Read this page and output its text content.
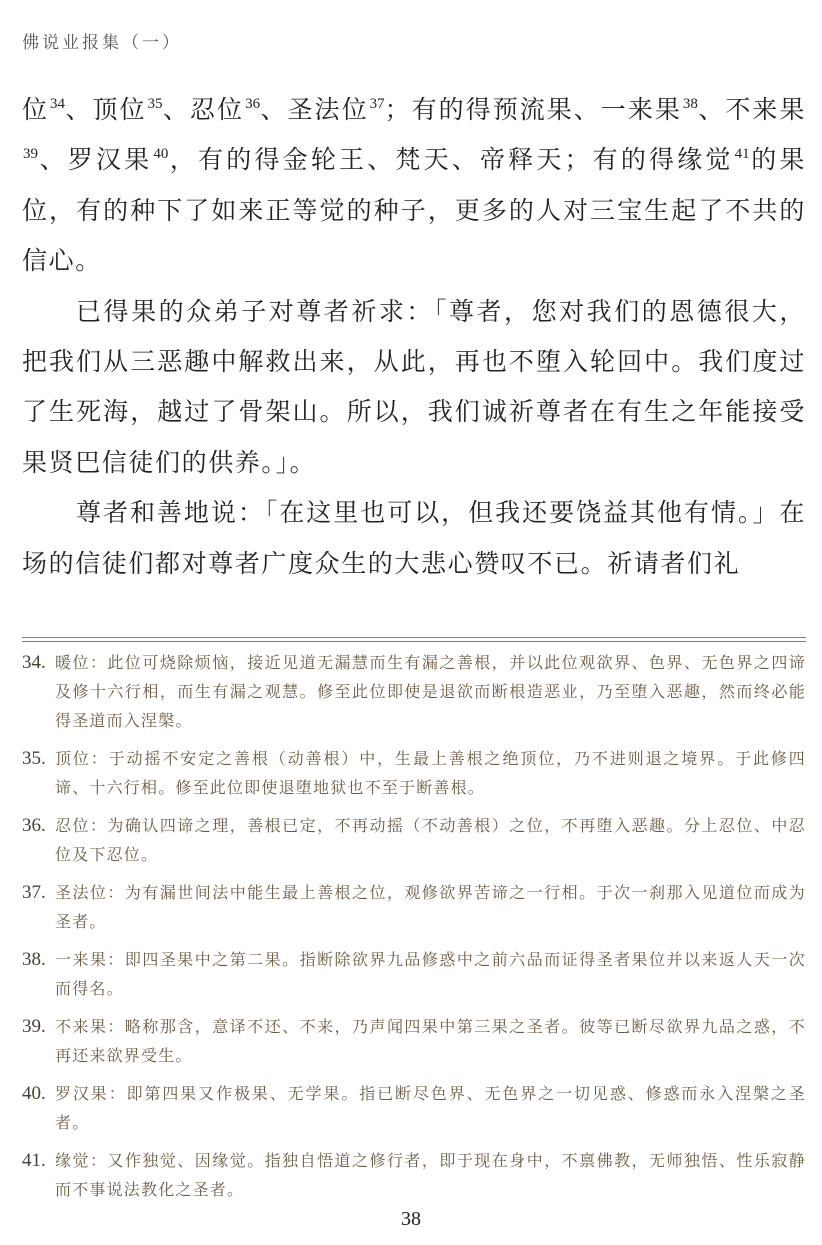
佛说业报集（一）

位$^{34}$、顶位$^{35}$、忍位$^{36}$、圣法位$^{37}$；有的得预流果、一来果$^{38}$、不来果$^{39}$、罗汉果$^{40}$，有的得金轮王、梵天、帝释天；有的得缘觉$^{41}$的果位，有的种下了如来正等觉的种子，更多的人对三宝生起了不共的信心。

已得果的众弟子对尊者祈求：「尊者，您对我们的恩德很大，把我们从三恶趣中解救出来，从此，再也不堕入轮回中。我们度过了生死海，越过了骨架山。所以，我们诚祈尊者在有生之年能接受果贤巴信徒们的供养。」。

尊者和善地说：「在这里也可以，但我还要饶益其他有情。」在场的信徒们都对尊者广度众生的大悲心赞叹不已。祈请者们礼

34. 暖位：此位可烧除烦恼，接近见道无漏慧而生有漏之善根，并以此位观欲界、色界、无色界之四谛及修十六行相，而生有漏之观慧。修至此位即使是退欲而断根造恶业，乃至堕入恶趣，然而终必能得圣道而入涅槃。
35. 顶位：于动摇不安定之善根（动善根）中，生最上善根之绝顶位，乃不进则退之境界。于此修四谛、十六行相。修至此位即使退堕地狱也不至于断善根。
36. 忍位：为确认四谛之理，善根已定，不再动摇（不动善根）之位，不再堕入恶趣。分上忍位、中忍位及下忍位。
37. 圣法位：为有漏世间法中能生最上善根之位，观修欲界苦谛之一行相。于次一刹那入见道位而成为圣者。
38. 一来果：即四圣果中之第二果。指断除欲界九品修惑中之前六品而证得圣者果位并以来返人天一次而得名。
39. 不来果：略称那含，意译不还、不来，乃声闻四果中第三果之圣者。彼等已断尽欲界九品之惑，不再还来欲界受生。
40. 罗汉果：即第四果又作极果、无学果。指已断尽色界、无色界之一切见惑、修惑而永入涅槃之圣者。
41. 缘觉：又作独觉、因缘觉。指独自悟道之修行者，即于现在身中，不禀佛教，无师独悟、性乐寂静而不事说法教化之圣者。
38
